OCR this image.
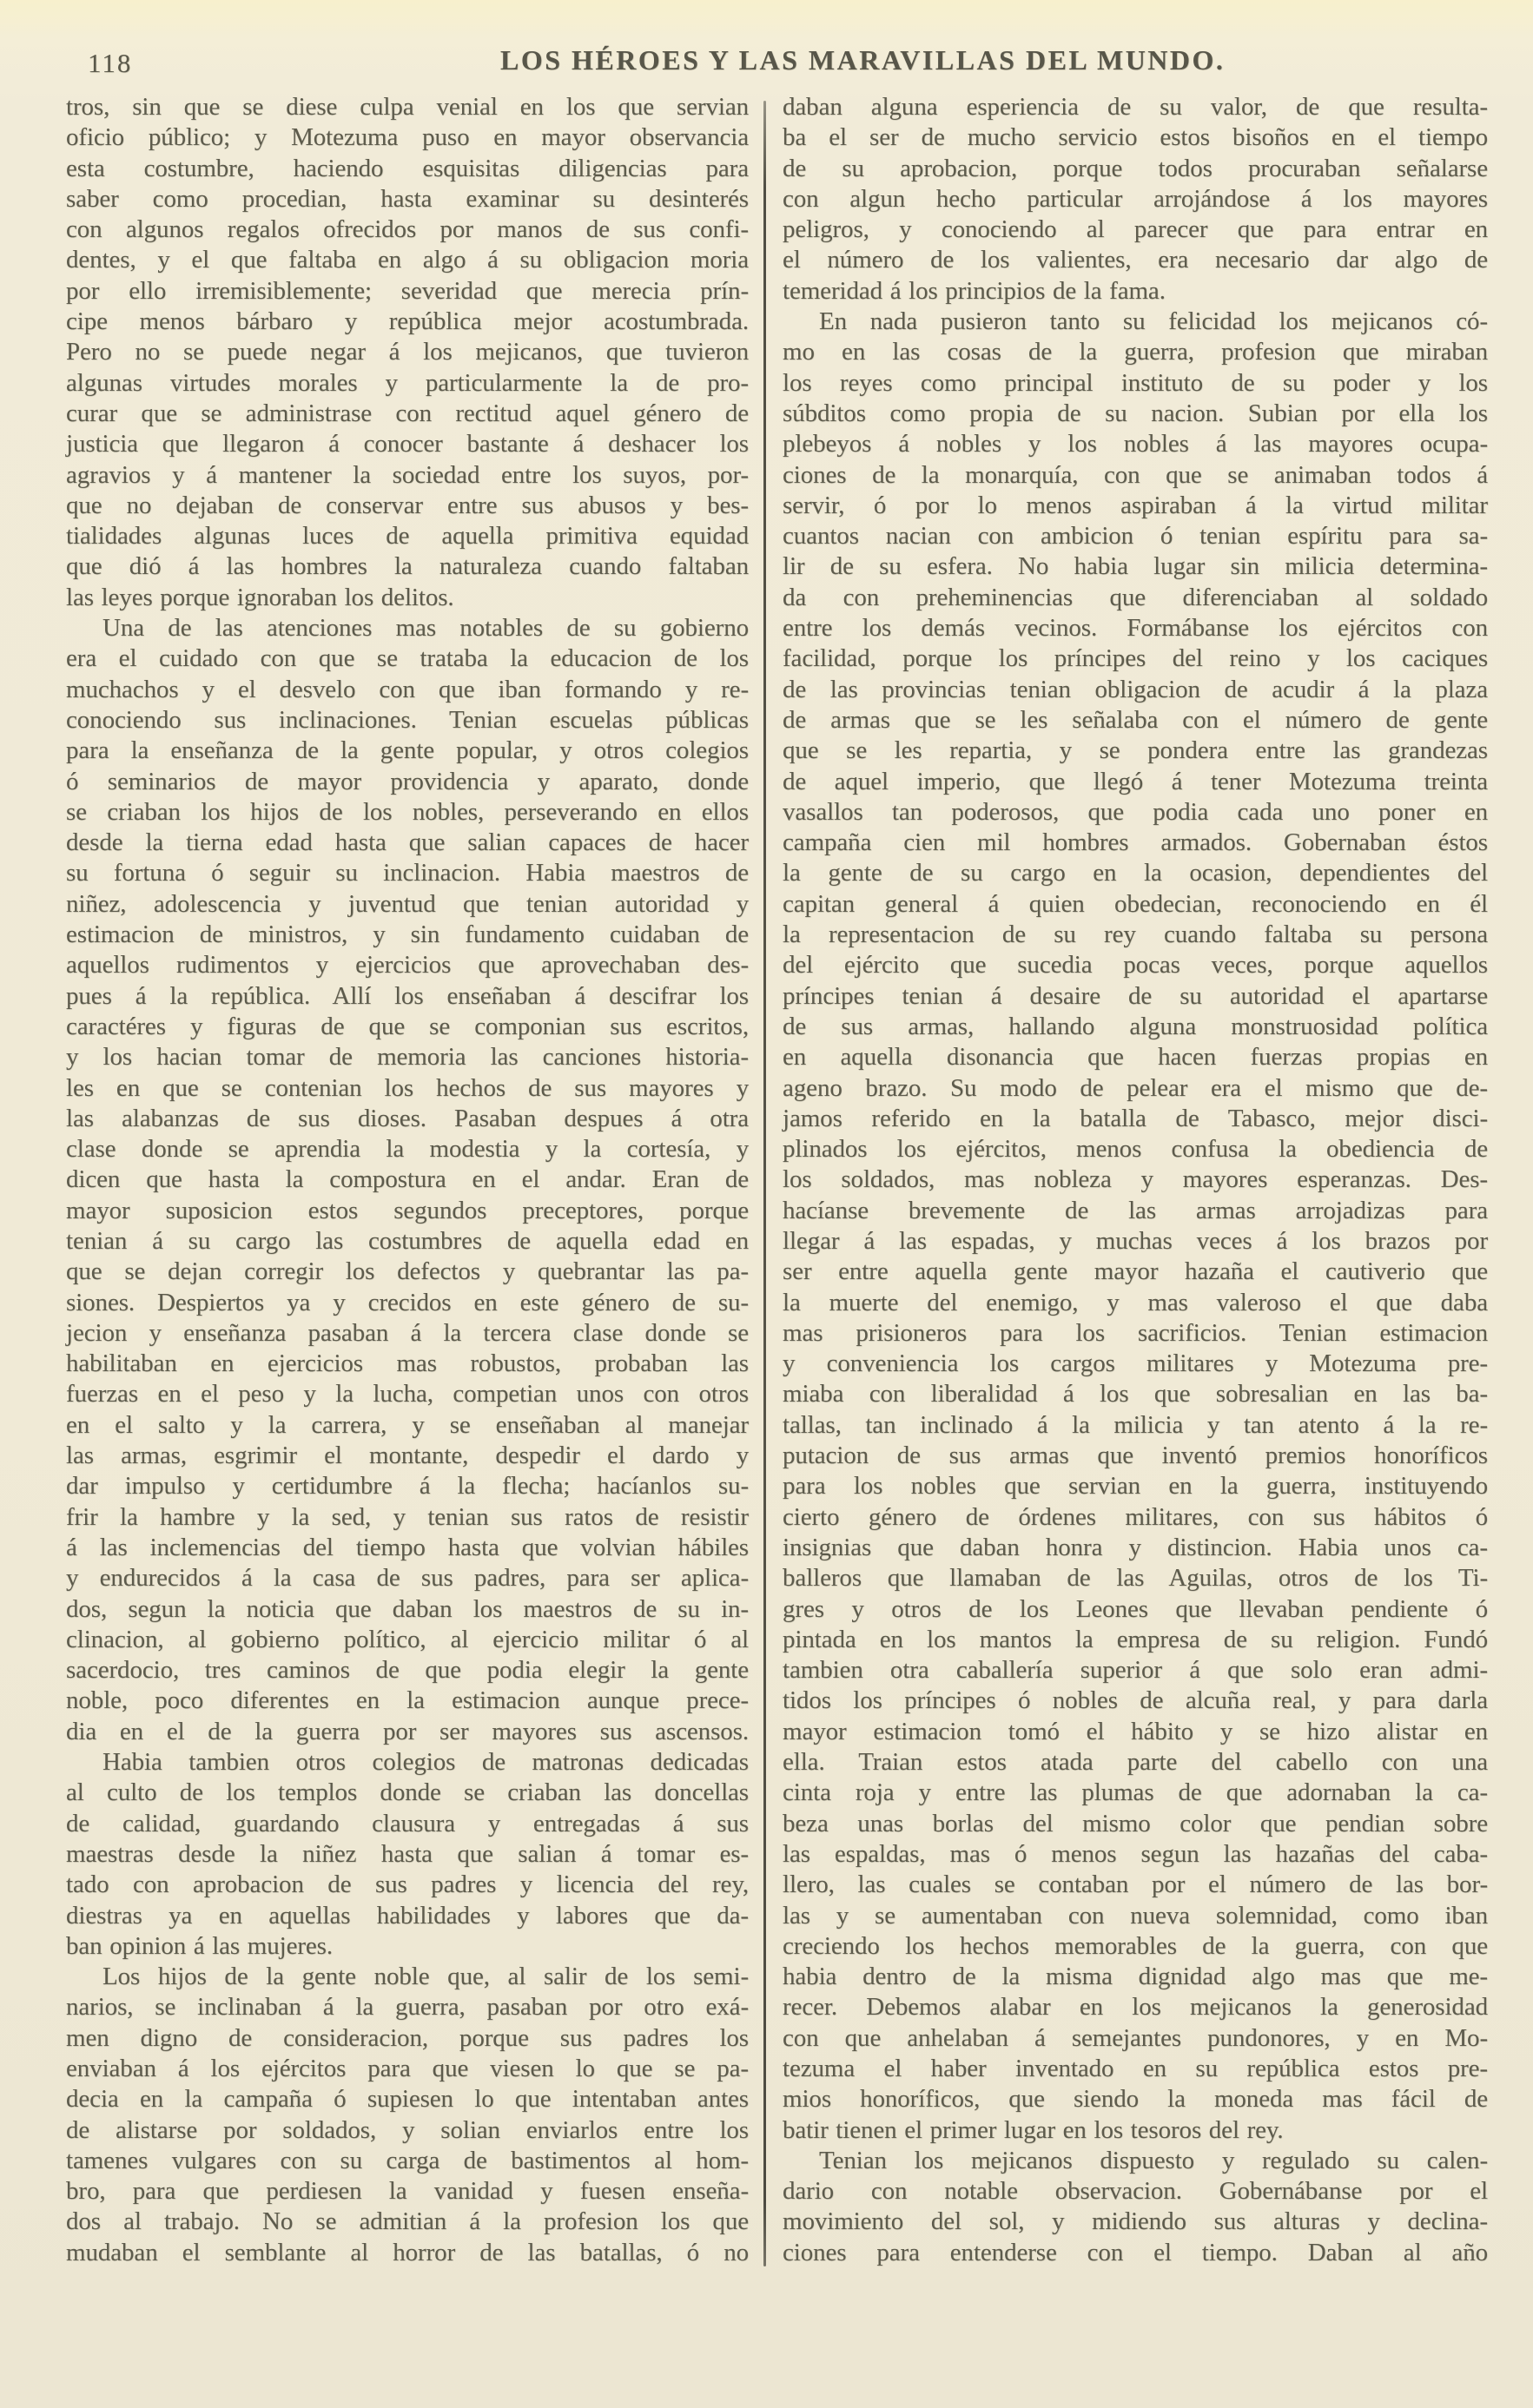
118	LOS HÉROES Y LAS MARAVILLAS DEL MUNDO.
tros, sin que se diese culpa venial en los que servian
oficio público; y Motezuma puso en mayor observancia
esta costumbre, haciendo esquisitas diligencias para
saber como procedian, hasta examinar su desinterés
con algunos regalos ofrecidos por manos de sus confi-
dentes, y el que faltaba en algo á su obligacion moria
por ello irremisiblemente; severidad que merecia prín-
cipe menos bárbaro y república mejor acostumbrada.
Pero no se puede negar á los mejicanos, que tuvieron
algunas virtudes morales y particularmente la de pro-
curar que se administrase con rectitud aquel género de
justicia que llegaron á conocer bastante á deshacer los
agravios y á mantener la sociedad entre los suyos, por-
que no dejaban de conservar entre sus abusos y bes-
tialidades algunas luces de aquella primitiva equidad
que dió á las hombres la naturaleza cuando faltaban
las leyes porque ignoraban los delitos.
Una de las atenciones mas notables de su gobierno
era el cuidado con que se trataba la educacion de los
muchachos y el desvelo con que iban formando y re-
conociendo sus inclinaciones. Tenian escuelas públicas
para la enseñanza de la gente popular, y otros colegios
ó seminarios de mayor providencia y aparato, donde
se criaban los hijos de los nobles, perseverando en ellos
desde la tierna edad hasta que salian capaces de hacer
su fortuna ó seguir su inclinacion. Habia maestros de
niñez, adolescencia y juventud que tenian autoridad y
estimacion de ministros, y sin fundamento cuidaban de
aquellos rudimentos y ejercicios que aprovechaban des-
pues á la república. Allí los enseñaban á descifrar los
caractéres y figuras de que se componian sus escritos,
y los hacian tomar de memoria las canciones historia-
les en que se contenian los hechos de sus mayores y
las alabanzas de sus dioses. Pasaban despues á otra
clase donde se aprendia la modestia y la cortesía, y
dicen que hasta la compostura en el andar. Eran de
mayor suposicion estos segundos preceptores, porque
tenian á su cargo las costumbres de aquella edad en
que se dejan corregir los defectos y quebrantar las pa-
siones. Despiertos ya y crecidos en este género de su-
jecion y enseñanza pasaban á la tercera clase donde se
habilitaban en ejercicios mas robustos, probaban las
fuerzas en el peso y la lucha, competian unos con otros
en el salto y la carrera, y se enseñaban al manejar
las armas, esgrimir el montante, despedir el dardo y
dar impulso y certidumbre á la flecha; hacíanlos su-
frir la hambre y la sed, y tenian sus ratos de resistir
á las inclemencias del tiempo hasta que volvian hábiles
y endurecidos á la casa de sus padres, para ser aplica-
dos, segun la noticia que daban los maestros de su in-
clinacion, al gobierno político, al ejercicio militar ó al
sacerdocio, tres caminos de que podia elegir la gente
noble, poco diferentes en la estimacion aunque prece-
dia en el de la guerra por ser mayores sus ascensos.
Habia tambien otros colegios de matronas dedicadas
al culto de los templos donde se criaban las doncellas
de calidad, guardando clausura y entregadas á sus
maestras desde la niñez hasta que salian á tomar es-
tado con aprobacion de sus padres y licencia del rey,
diestras ya en aquellas habilidades y labores que da-
ban opinion á las mujeres.
Los hijos de la gente noble que, al salir de los semi-
narios, se inclinaban á la guerra, pasaban por otro exá-
men digno de consideracion, porque sus padres los
enviaban á los ejércitos para que viesen lo que se pa-
decia en la campaña ó supiesen lo que intentaban antes
de alistarse por soldados, y solian enviarlos entre los
tamenes vulgares con su carga de bastimentos al hom-
bro, para que perdiesen la vanidad y fuesen enseña-
dos al trabajo. No se admitian á la profesion los que
mudaban el semblante al horror de las batallas, ó no
daban alguna esperiencia de su valor, de que resulta-
ba el ser de mucho servicio estos bisoños en el tiempo
de su aprobacion, porque todos procuraban señalarse
con algun hecho particular arrojándose á los mayores
peligros, y conociendo al parecer que para entrar en
el número de los valientes, era necesario dar algo de
temeridad á los principios de la fama.
En nada pusieron tanto su felicidad los mejicanos có-
mo en las cosas de la guerra, profesion que miraban
los reyes como principal instituto de su poder y los
súbditos como propia de su nacion. Subian por ella los
plebeyos á nobles y los nobles á las mayores ocupa-
ciones de la monarquía, con que se animaban todos á
servir, ó por lo menos aspiraban á la virtud militar
cuantos nacian con ambicion ó tenian espíritu para sa-
lir de su esfera. No habia lugar sin milicia determina-
da con preheminencias que diferenciaban al soldado
entre los demás vecinos. Formábanse los ejércitos con
facilidad, porque los príncipes del reino y los caciques
de las provincias tenian obligacion de acudir á la plaza
de armas que se les señalaba con el número de gente
que se les repartia, y se pondera entre las grandezas
de aquel imperio, que llegó á tener Motezuma treinta
vasallos tan poderosos, que podia cada uno poner en
campaña cien mil hombres armados. Gobernaban éstos
la gente de su cargo en la ocasion, dependientes del
capitan general á quien obedecian, reconociendo en él
la representacion de su rey cuando faltaba su persona
del ejército que sucedia pocas veces, porque aquellos
príncipes tenian á desaire de su autoridad el apartarse
de sus armas, hallando alguna monstruosidad política
en aquella disonancia que hacen fuerzas propias en
ageno brazo. Su modo de pelear era el mismo que de-
jamos referido en la batalla de Tabasco, mejor disci-
plinados los ejércitos, menos confusa la obediencia de
los soldados, mas nobleza y mayores esperanzas. Des-
hacíanse brevemente de las armas arrojadizas para
llegar á las espadas, y muchas veces á los brazos por
ser entre aquella gente mayor hazaña el cautiverio que
la muerte del enemigo, y mas valeroso el que daba
mas prisioneros para los sacrificios. Tenian estimacion
y conveniencia los cargos militares y Motezuma pre-
miaba con liberalidad á los que sobresalian en las ba-
tallas, tan inclinado á la milicia y tan atento á la re-
putacion de sus armas que inventó premios honoríficos
para los nobles que servian en la guerra, instituyendo
cierto género de órdenes militares, con sus hábitos ó
insignias que daban honra y distincion. Habia unos ca-
balleros que llamaban de las Aguilas, otros de los Ti-
gres y otros de los Leones que llevaban pendiente ó
pintada en los mantos la empresa de su religion. Fundó
tambien otra caballería superior á que solo eran admi-
tidos los príncipes ó nobles de alcuña real, y para darla
mayor estimacion tomó el hábito y se hizo alistar en
ella. Traian estos atada parte del cabello con una
cinta roja y entre las plumas de que adornaban la ca-
beza unas borlas del mismo color que pendian sobre
las espaldas, mas ó menos segun las hazañas del caba-
llero, las cuales se contaban por el número de las bor-
las y se aumentaban con nueva solemnidad, como iban
creciendo los hechos memorables de la guerra, con que
habia dentro de la misma dignidad algo mas que me-
recer. Debemos alabar en los mejicanos la generosidad
con que anhelaban á semejantes pundonores, y en Mo-
tezuma el haber inventado en su república estos pre-
mios honoríficos, que siendo la moneda mas fácil de
batir tienen el primer lugar en los tesoros del rey.
Tenian los mejicanos dispuesto y regulado su calen-
dario con notable observacion. Gobernábanse por el
movimiento del sol, y midiendo sus alturas y declina-
ciones para entenderse con el tiempo. Daban al año
